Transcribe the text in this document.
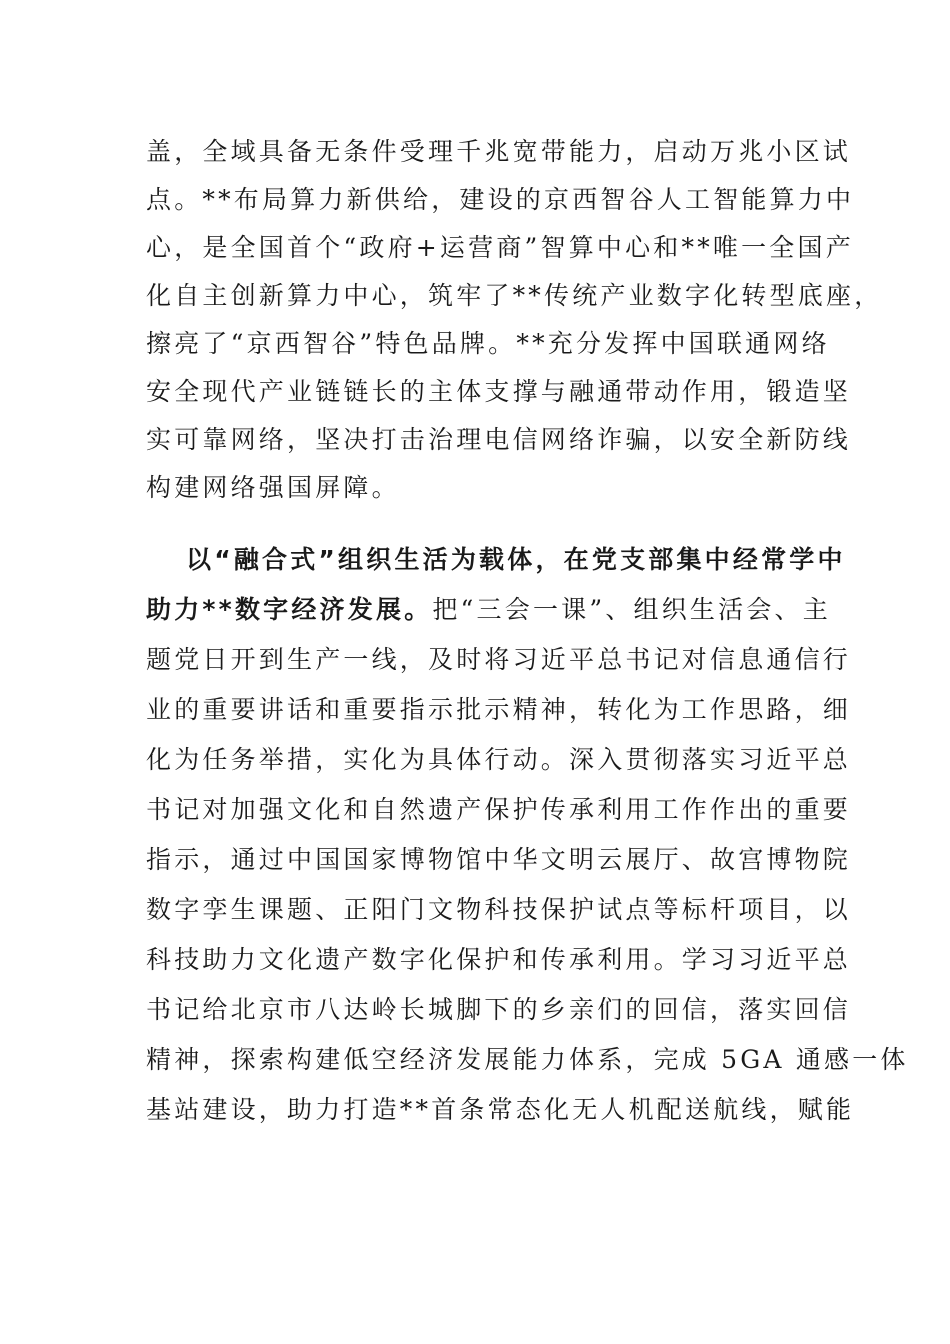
盖，全域具备无条件受理千兆宽带能力，启动万兆小区试
点。**布局算力新供给，建设的京西智谷人工智能算力中
心，是全国首个“政府+运营商”智算中心和**唯一全国产
化自主创新算力中心，筑牢了**传统产业数字化转型底座，
擦亮了“京西智谷”特色品牌。**充分发挥中国联通网络
安全现代产业链链长的主体支撑与融通带动作用，锻造坚
实可靠网络，坚决打击治理电信网络诈骗，以安全新防线
构建网络强国屏障。
以“融合式”组织生活为载体，在党支部集中经常学中
助力**数字经济发展。把“三会一课”、组织生活会、主
题党日开到生产一线，及时将习近平总书记对信息通信行
业的重要讲话和重要指示批示精神，转化为工作思路，细
化为任务举措，实化为具体行动。深入贯彻落实习近平总
书记对加强文化和自然遗产保护传承利用工作作出的重要
指示，通过中国国家博物馆中华文明云展厅、故宫博物院
数字孪生课题、正阳门文物科技保护试点等标杆项目，以
科技助力文化遗产数字化保护和传承利用。学习习近平总
书记给北京市八达岭长城脚下的乡亲们的回信，落实回信
精神，探索构建低空经济发展能力体系，完成 5GA 通感一体
基站建设，助力打造**首条常态化无人机配送航线，赋能
